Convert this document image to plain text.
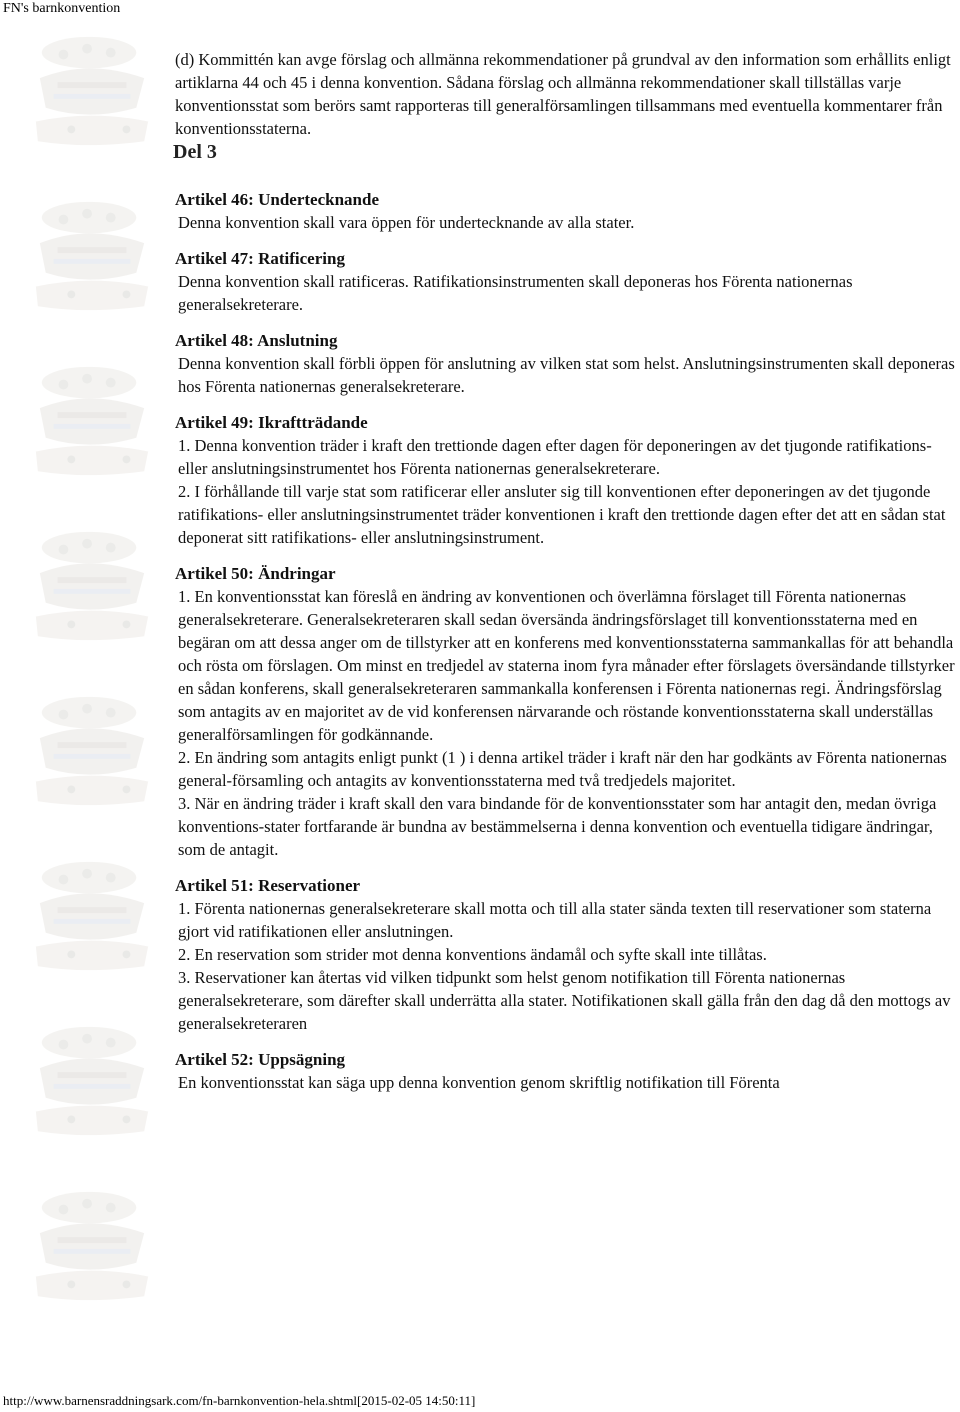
FN's barnkonvention

(d) Kommittén kan avge förslag och allmänna rekommendationer på grundval av den information som erhållits enligt artiklarna 44 och 45 i denna konvention. Sådana förslag och allmänna rekommendationer skall tillställas varje konventionsstat som berörs samt rapporteras till generalförsamlingen tillsammans med eventuella kommentarer från konventionsstaterna.

Del 3
Artikel 46: Undertecknande

Denna konvention skall vara öppen för undertecknande av alla stater.

Artikel 47: Ratificering

Denna konvention skall ratificeras. Ratifikationsinstrumenten skall deponeras hos Förenta nationernas generalsekreterare.

Artikel 48: Anslutning

Denna konvention skall förbli öppen för anslutning av vilken stat som helst. Anslutningsinstrumenten skall deponeras hos Förenta nationernas generalsekreterare.

Artikel 49: Ikraftträdande

1. Denna konvention träder i kraft den trettionde dagen efter dagen för deponeringen av det tjugonde ratifikations- eller anslutningsinstrumentet hos Förenta nationernas generalsekreterare.

2. I förhållande till varje stat som ratificerar eller ansluter sig till konventionen efter deponeringen av det tjugonde ratifikations- eller anslutningsinstrumentet träder konventionen i kraft den trettionde dagen efter det att en sådan stat deponerat sitt ratifikations- eller anslutningsinstrument.

Artikel 50: Ändringar

1. En konventionsstat kan föreslå en ändring av konventionen och överlämna förslaget till Förenta nationernas generalsekreterare. Generalsekreteraren skall sedan översända ändringsförslaget till konventionsstaterna med en begäran om att dessa anger om de tillstyrker att en konferens med konventionsstaterna sammankallas för att behandla och rösta om förslagen. Om minst en tredjedel av staterna inom fyra månader efter förslagets översändande tillstyrker en sådan konferens, skall generalsekreteraren sammankalla konferensen i Förenta nationernas regi. Ändringsförslag som antagits av en majoritet av de vid konferensen närvarande och röstande konventionsstaterna skall underställas generalförsamlingen för godkännande.

2. En ändring som antagits enligt punkt (1 ) i denna artikel träder i kraft när den har godkänts av Förenta nationernas general-församling och antagits av konventionsstaterna med två tredjedels majoritet.

3. När en ändring träder i kraft skall den vara bindande för de konventionsstater som har antagit den, medan övriga konventions-stater fortfarande är bundna av bestämmelserna i denna konvention och eventuella tidigare ändringar, som de antagit.

Artikel 51: Reservationer

1. Förenta nationernas generalsekreterare skall motta och till alla stater sända texten till reservationer som staterna gjort vid ratifikationen eller anslutningen.

2. En reservation som strider mot denna konventions ändamål och syfte skall inte tillåtas.

3. Reservationer kan återtas vid vilken tidpunkt som helst genom notifikation till Förenta nationernas generalsekreterare, som därefter skall underrätta alla stater. Notifikationen skall gälla från den dag då den mottogs av generalsekreteraren

Artikel 52: Uppsägning

En konventionsstat kan säga upp denna konvention genom skriftlig notifikation till Förenta

http://www.barnensraddningsark.com/fn-barnkonvention-hela.shtml[2015-02-05 14:50:11]
